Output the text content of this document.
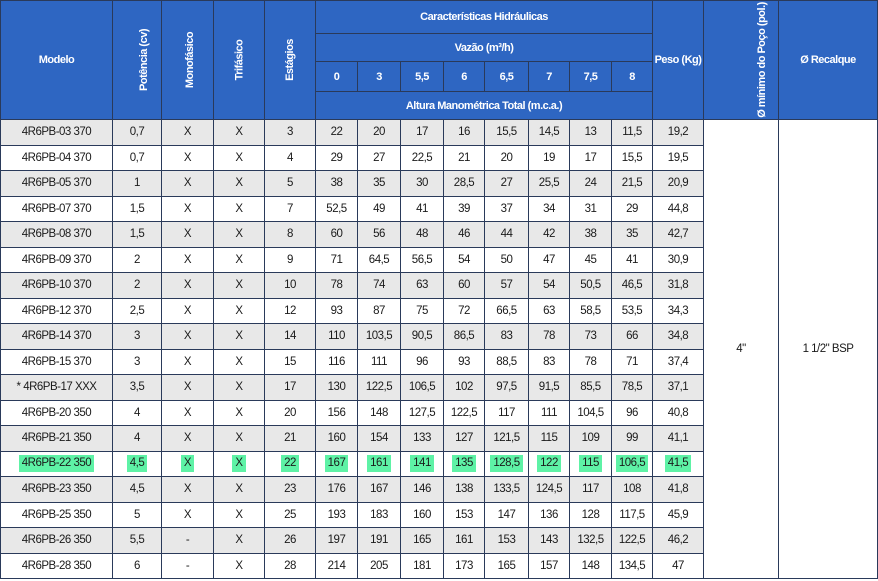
Modelo	Potência (cv)	Monofásico	Trifásico	Estágios	Características Hidráulicas								Peso (Kg)	Ø mínimo do Poço (pol.)	Ø Recalque
					Vazão (m³/h)										
					0	3	5,5	6	6,5	7	7,5	8			
					Altura Manométrica Total (m.c.a.)										
4R6PB-03 370	0,7	X	X	3	22	20	17	16	15,5	14,5	13	11,5	19,2	4"	1 1/2" BSP
4R6PB-04 370	0,7	X	X	4	29	27	22,5	21	20	19	17	15,5	19,5		
4R6PB-05 370	1	X	X	5	38	35	30	28,5	27	25,5	24	21,5	20,9		
4R6PB-07 370	1,5	X	X	7	52,5	49	41	39	37	34	31	29	44,8		
4R6PB-08 370	1,5	X	X	8	60	56	48	46	44	42	38	35	42,7		
4R6PB-09 370	2	X	X	9	71	64,5	56,5	54	50	47	45	41	30,9		
4R6PB-10 370	2	X	X	10	78	74	63	60	57	54	50,5	46,5	31,8		
4R6PB-12 370	2,5	X	X	12	93	87	75	72	66,5	63	58,5	53,5	34,3		
4R6PB-14 370	3	X	X	14	110	103,5	90,5	86,5	83	78	73	66	34,8		
4R6PB-15 370	3	X	X	15	116	111	96	93	88,5	83	78	71	37,4		
* 4R6PB-17 XXX	3,5	X	X	17	130	122,5	106,5	102	97,5	91,5	85,5	78,5	37,1		
4R6PB-20 350	4	X	X	20	156	148	127,5	122,5	117	111	104,5	96	40,8		
4R6PB-21 350	4	X	X	21	160	154	133	127	121,5	115	109	99	41,1		
4R6PB-22 350	4,5	X	X	22	167	161	141	135	128,5	122	115	106,5	41,5		
4R6PB-23 350	4,5	X	X	23	176	167	146	138	133,5	124,5	117	108	41,8		
4R6PB-25 350	5	X	X	25	193	183	160	153	147	136	128	117,5	45,9		
4R6PB-26 350	5,5	-	X	26	197	191	165	161	153	143	132,5	122,5	46,2		
4R6PB-28 350	6	-	X	28	214	205	181	173	165	157	148	134,5	47		
